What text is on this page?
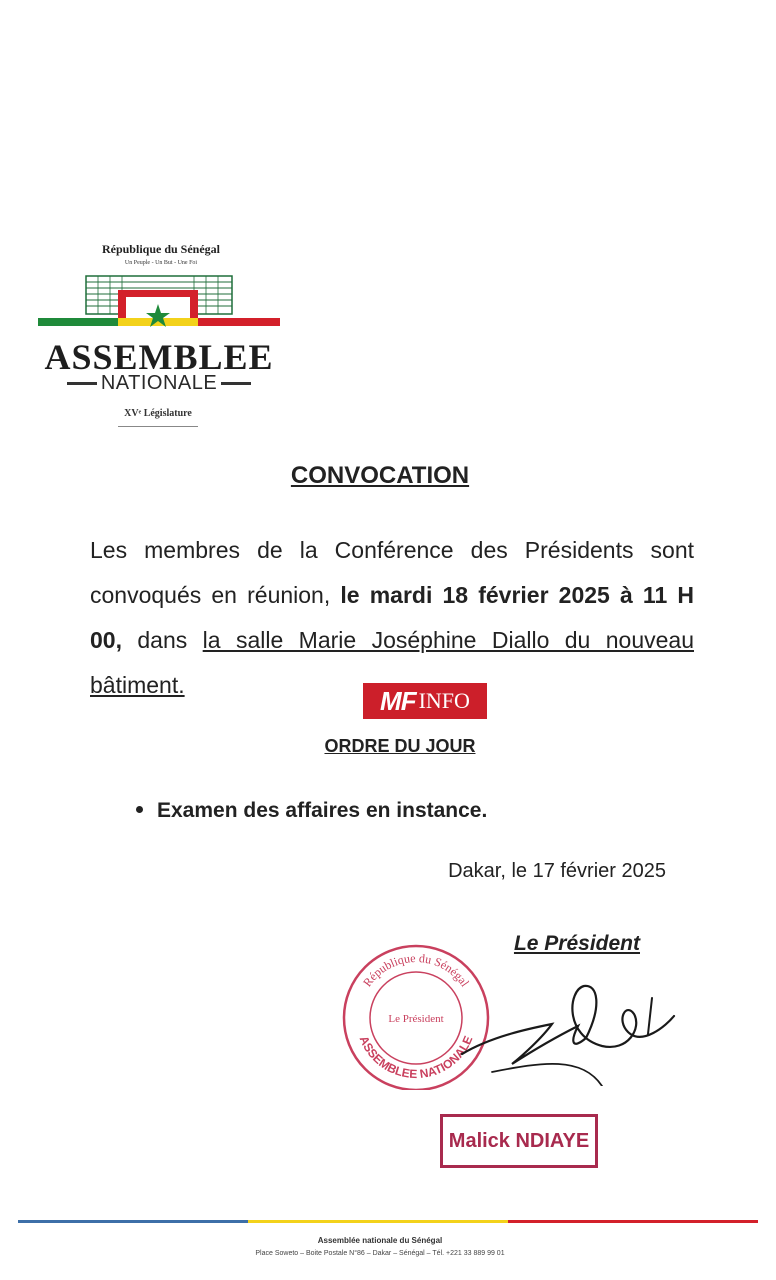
République du Sénégal
Un Peuple - Un But - Une Foi
ASSEMBLEE
NATIONALE
XVᵉ Législature
CONVOCATION
Les membres de la Conférence des Présidents sont convoqués en réunion, le mardi 18 février 2025 à 11 H 00, dans la salle Marie Joséphine Diallo du nouveau bâtiment.
MF INFO
ORDRE DU JOUR
Examen des affaires en instance.
Dakar, le 17 février 2025
Le Président
République du Sénégal
ASSEMBLEE NATIONALE
Le Président
Malick NDIAYE
Assemblée nationale du Sénégal
Place Soweto – Boite Postale N°86 – Dakar – Sénégal – Tél. +221 33 889 99 01
